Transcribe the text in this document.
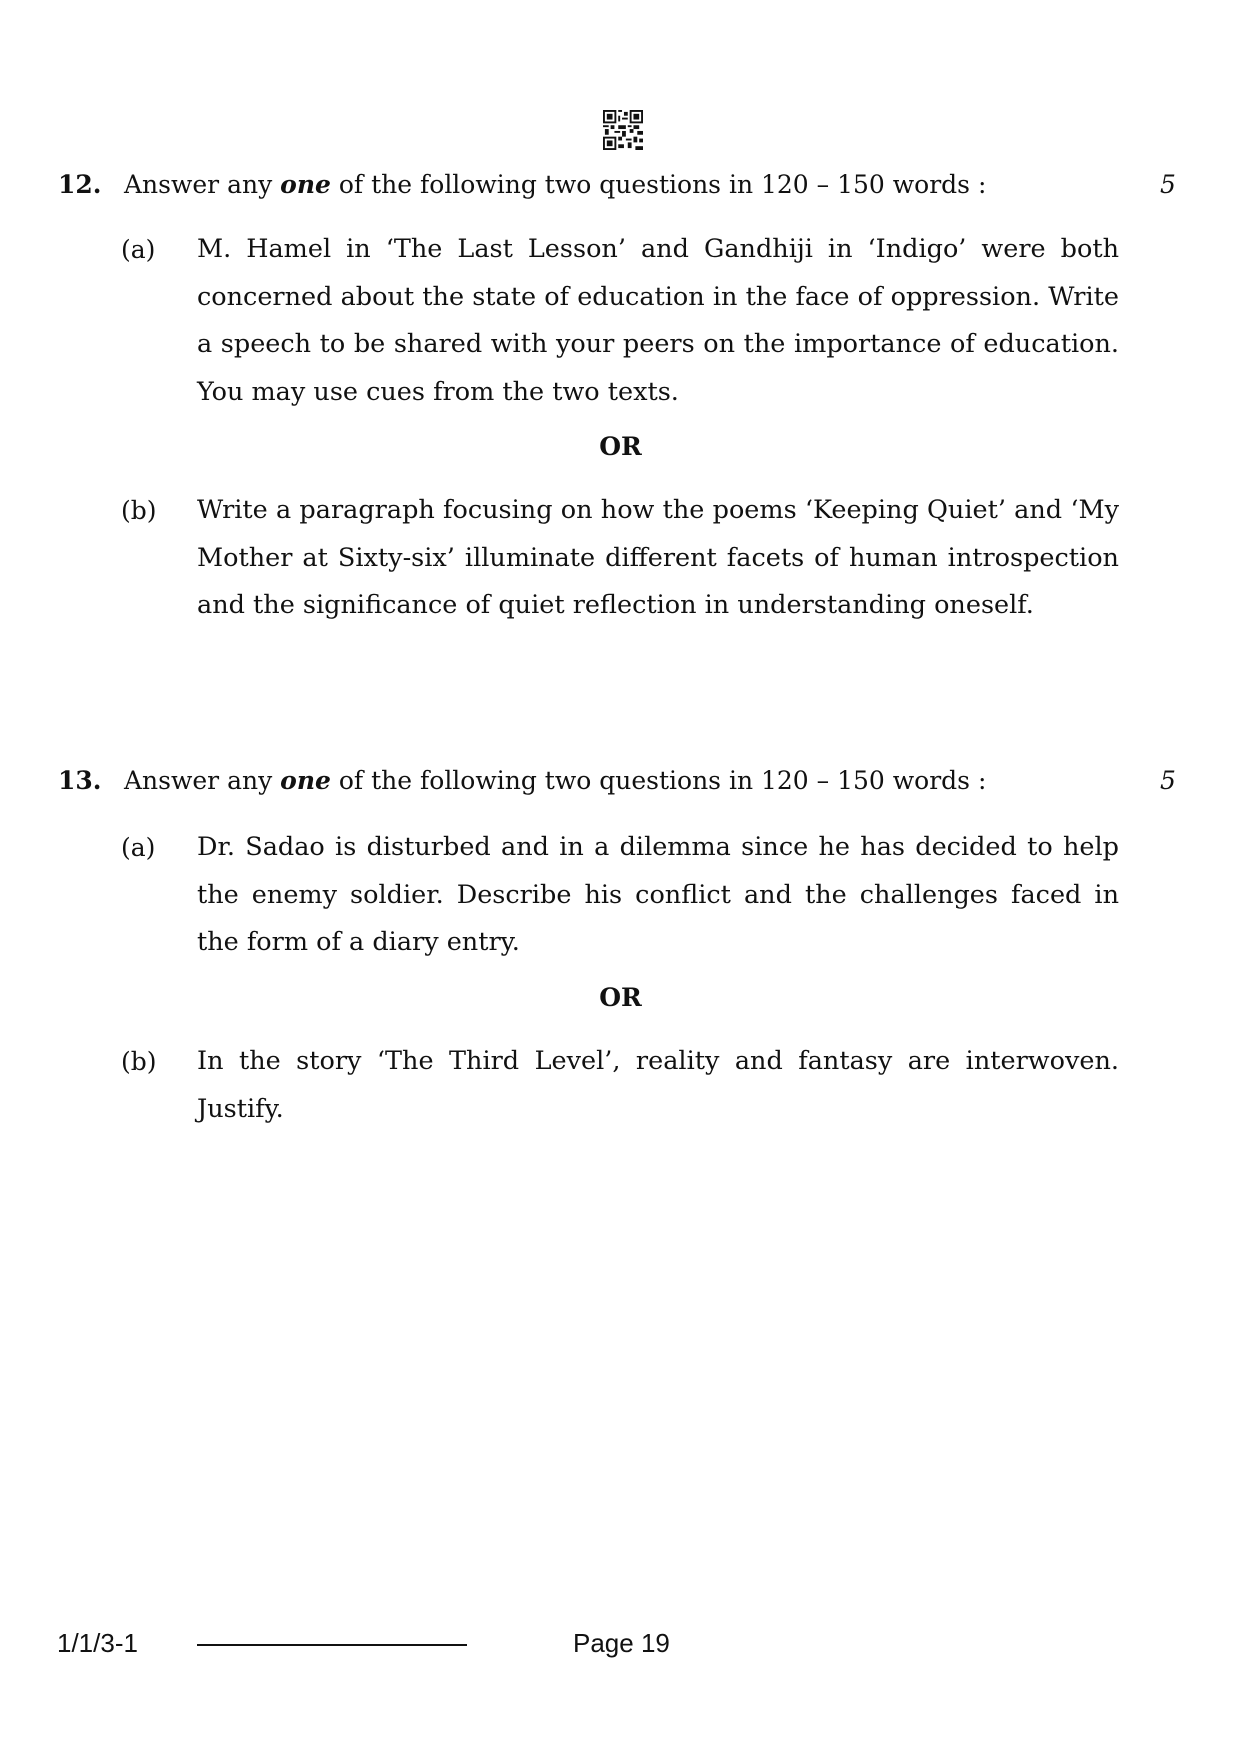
12. Answer any one of the following two questions in 120 – 150 words :	5
(a) M. Hamel in ‘The Last Lesson’ and Gandhiji in ‘Indigo’ were both concerned about the state of education in the face of oppression. Write a speech to be shared with your peers on the importance of education. You may use cues from the two texts.
OR
(b) Write a paragraph focusing on how the poems ‘Keeping Quiet’ and ‘My Mother at Sixty-six’ illuminate different facets of human introspection and the significance of quiet reflection in understanding oneself.
13. Answer any one of the following two questions in 120 – 150 words :	5
(a) Dr. Sadao is disturbed and in a dilemma since he has decided to help the enemy soldier. Describe his conflict and the challenges faced in the form of a diary entry.
OR
(b) In the story ‘The Third Level’, reality and fantasy are interwoven. Justify.
1/1/3-1	Page 19
